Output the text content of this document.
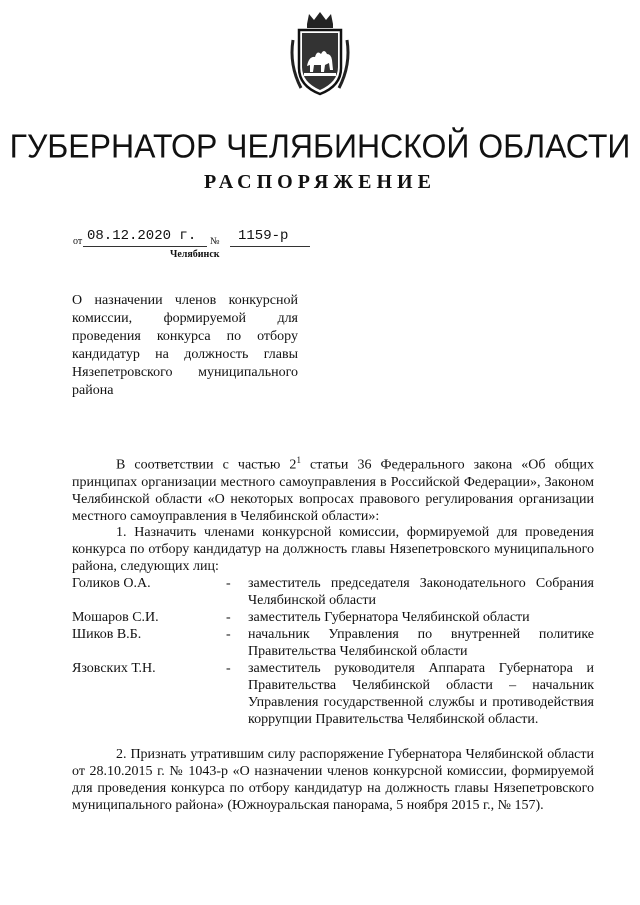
ГУБЕРНАТОР ЧЕЛЯБИНСКОЙ ОБЛАСТИ
РАСПОРЯЖЕНИЕ
от 08.12.2020 г.	№	1159-р
Челябинск
О назначении членов конкурсной комиссии, формируемой для проведения конкурса по отбору кандидатур на должность главы Нязепетровского муниципального района
В соответствии с частью $2^1$ статьи 36 Федерального закона «Об общих принципах организации местного самоуправления в Российской Федерации», Законом Челябинской области «О некоторых вопросах правового регулирования организации местного самоуправления в Челябинской области»:
1. Назначить членами конкурсной комиссии, формируемой для проведения конкурса по отбору кандидатур на должность главы Нязепетровского муниципального района, следующих лиц:
Голиков О.А.	- заместитель председателя Законодательного Собрания Челябинской области
Мошаров С.И.	- заместитель Губернатора Челябинской области
Шиков В.Б.	- начальник Управления по внутренней политике Правительства Челябинской области
Язовских Т.Н.	- заместитель руководителя Аппарата Губернатора и Правительства Челябинской области – начальник Управления государственной службы и противодействия коррупции Правительства Челябинской области.
2. Признать утратившим силу распоряжение Губернатора Челябинской области от 28.10.2015 г. № 1043-р «О назначении членов конкурсной комиссии, формируемой для проведения конкурса по отбору кандидатур на должность главы Нязепетровского муниципального района» (Южноуральская панорама, 5 ноября 2015 г., № 157).
